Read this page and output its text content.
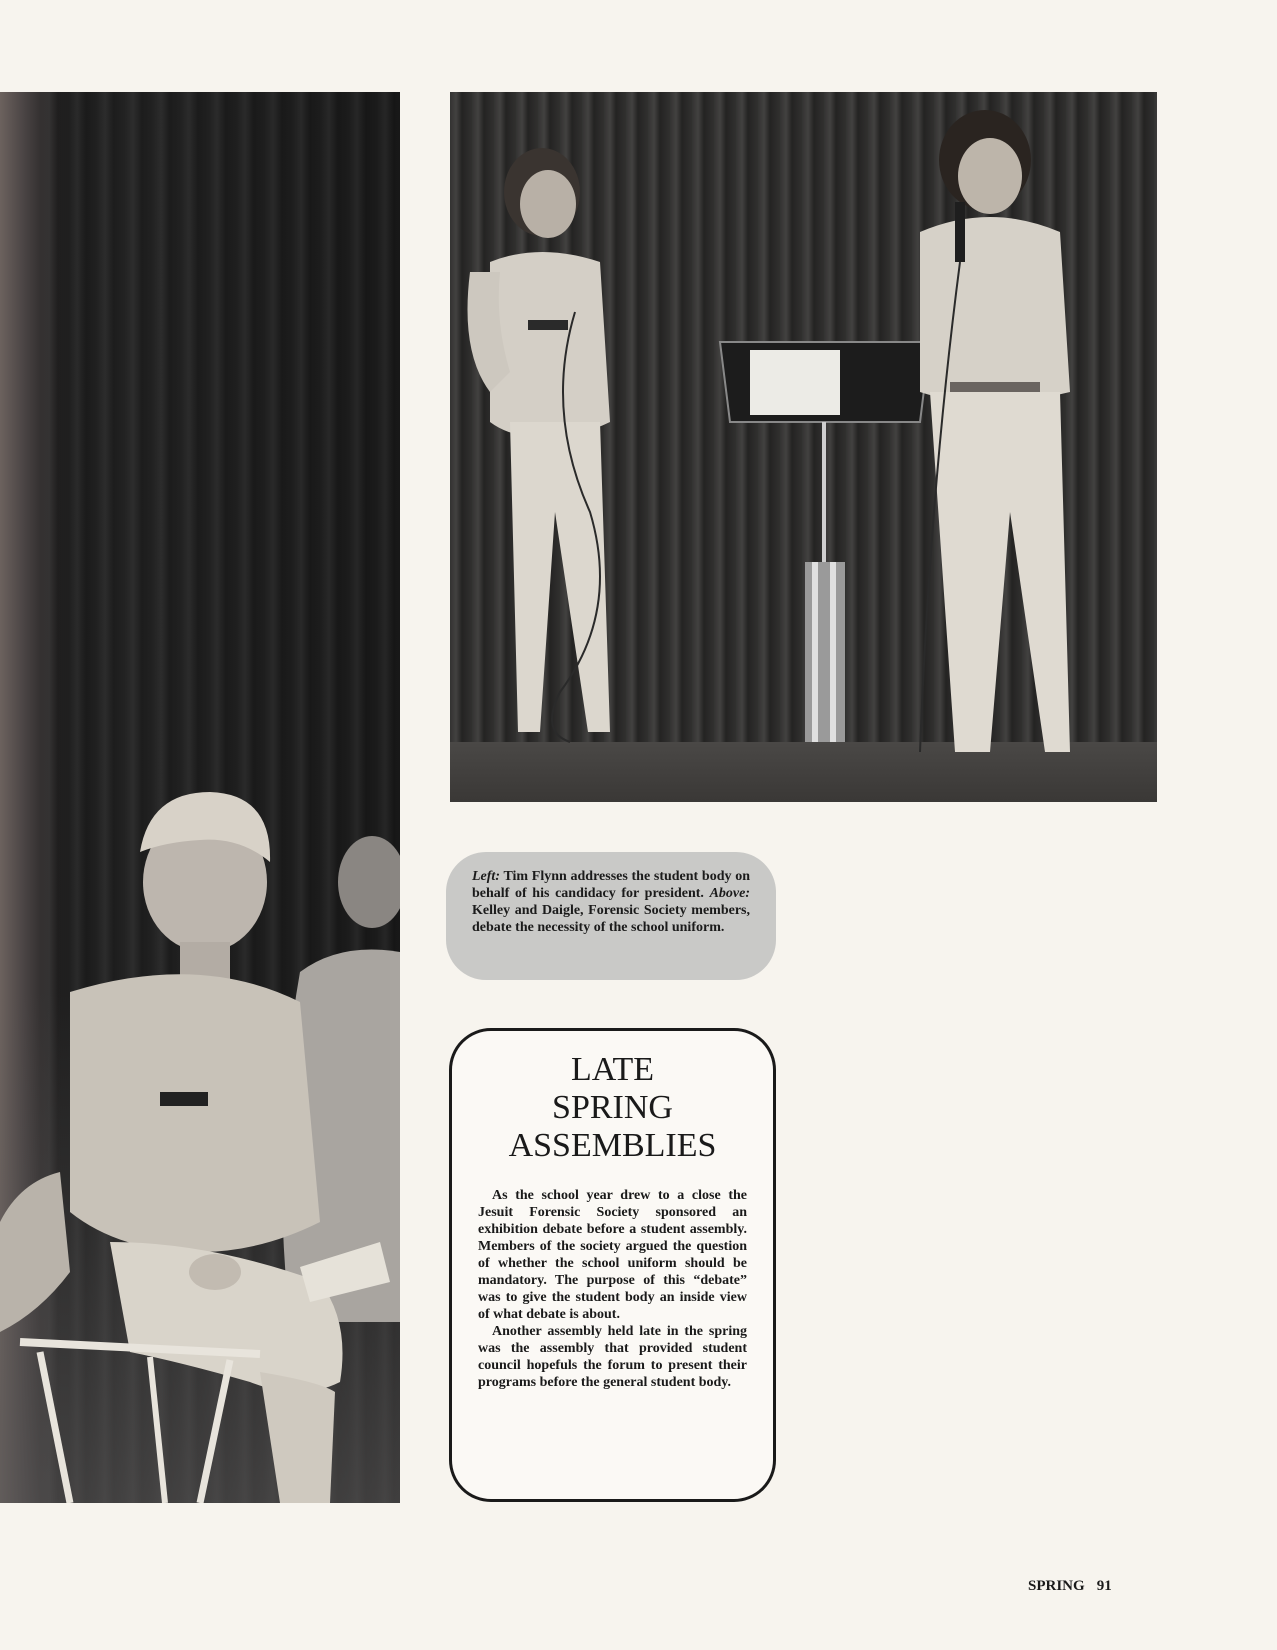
Left: Tim Flynn addresses the student body on behalf of his candidacy for president. Above: Kelley and Daigle, Forensic Society members, debate the necessity of the school uniform.
LATE
SPRING
ASSEMBLIES

As the school year drew to a close the Jesuit Forensic Society sponsored an exhibition debate before a student assembly. Members of the society argued the question of whether the school uniform should be mandatory. The purpose of this “debate” was to give the student body an inside view of what debate is about.

Another assembly held late in the spring was the assembly that provided student council hopefuls the forum to present their programs before the general student body.

SPRING 91
